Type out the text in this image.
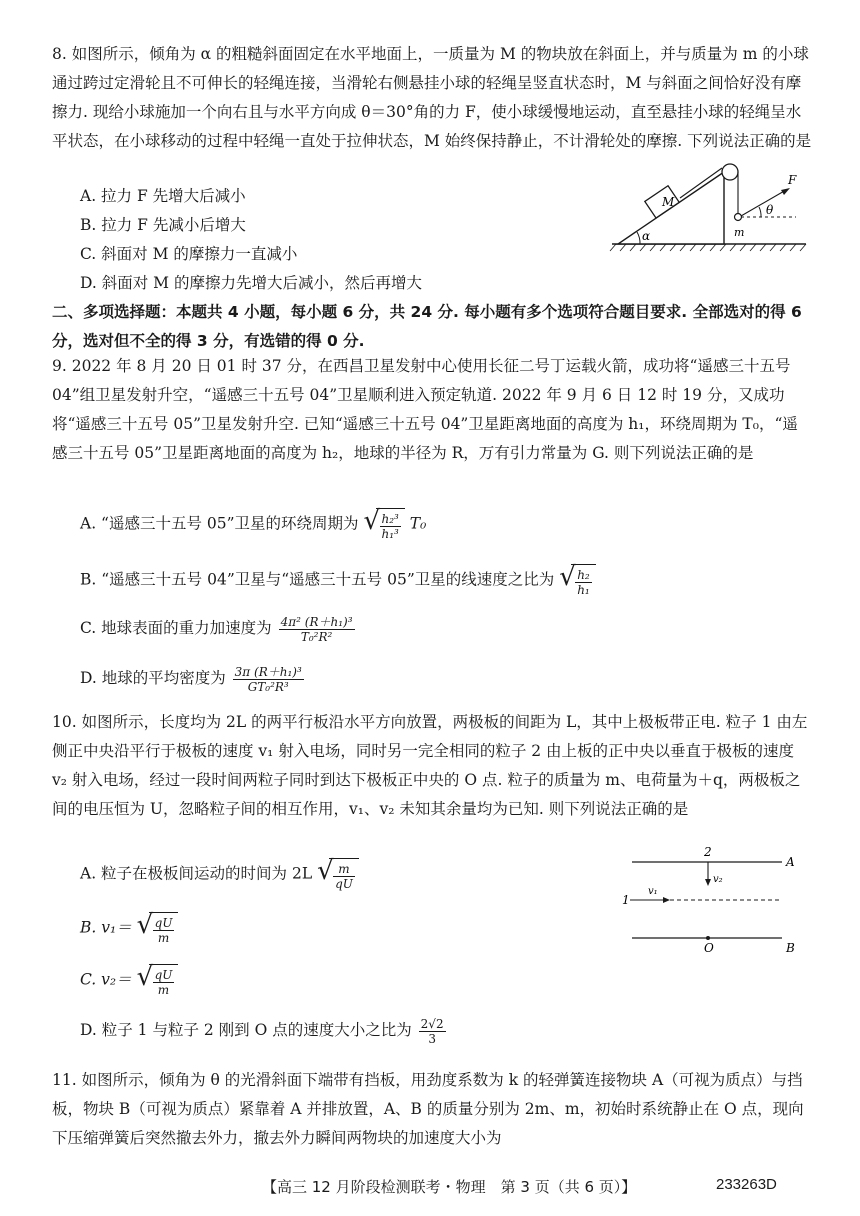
8. 如图所示，倾角为 α 的粗糙斜面固定在水平地面上，一质量为 M 的物块放在斜面上，并与质量为 m 的小球通过跨过定滑轮且不可伸长的轻绳连接，当滑轮右侧悬挂小球的轻绳呈竖直状态时，M 与斜面之间恰好没有摩擦力. 现给小球施加一个向右且与水平方向成 θ＝30°角的力 F，使小球缓慢地运动，直至悬挂小球的轻绳呈水平状态，在小球移动的过程中轻绳一直处于拉伸状态，M 始终保持静止，不计滑轮处的摩擦. 下列说法正确的是

A. 拉力 F 先增大后减小
B. 拉力 F 先减小后增大
C. 斜面对 M 的摩擦力一直减小
D. 斜面对 M 的摩擦力先增大后减小，然后再增大
α
M
m
F
θ

二、多项选择题：本题共 4 小题，每小题 6 分，共 24 分. 每小题有多个选项符合题目要求. 全部选对的得 6 分，选对但不全的得 3 分，有选错的得 0 分.

9. 2022 年 8 月 20 日 01 时 37 分，在西昌卫星发射中心使用长征二号丁运载火箭，成功将“遥感三十五号 04”组卫星发射升空，“遥感三十五号 04”卫星顺利进入预定轨道. 2022 年 9 月 6 日 12 时 19 分，又成功将“遥感三十五号 05”卫星发射升空. 已知“遥感三十五号 04”卫星距离地面的高度为 h₁，环绕周期为 T₀，“遥感三十五号 05”卫星距离地面的高度为 h₂，地球的半径为 R，万有引力常量为 G. 则下列说法正确的是

A. “遥感三十五号 05”卫星的环绕周期为 √ $\frac{\text{h₂³}}{\text{h₁³}} T_0$
B. “遥感三十五号 04”卫星与“遥感三十五号 05”卫星的线速度之比为 √ $\frac{\text{h₂}}{\text{h₁}}$
C. 地球表面的重力加速度为 $\frac{\text{4π² (R＋h₁)³}}{\text{T₀²R²}}$
D. 地球的平均密度为 $\frac{\text{3π (R＋h₁)³}}{\text{GT₀²R³}}$

10. 如图所示，长度均为 2L 的两平行板沿水平方向放置，两极板的间距为 L，其中上极板带正电. 粒子 1 由左侧正中央沿平行于极板的速度 v₁ 射入电场，同时另一完全相同的粒子 2 由上板的正中央以垂直于极板的速度 v₂ 射入电场，经过一段时间两粒子同时到达下极板正中央的 O 点. 粒子的质量为 m、电荷量为＋q，两极板之间的电压恒为 U，忽略粒子间的相互作用，v₁、v₂ 未知其余量均为已知. 则下列说法正确的是

A. 粒子在极板间运动的时间为 2L √ $\frac{m}{qU}$
B. v₁＝ √ $\frac{qU}{m}$
C. v₂＝ √ $\frac{qU}{m}$
D. 粒子 1 与粒子 2 刚到 O 点的速度大小之比为 $\frac{2√2}{3}$
A
2
v₂
1
v₁
O	B

11. 如图所示，倾角为 θ 的光滑斜面下端带有挡板，用劲度系数为 k 的轻弹簧连接物块 A（可视为质点）与挡板，物块 B（可视为质点）紧靠着 A 并排放置，A、B 的质量分别为 2m、m，初始时系统静止在 O 点，现向下压缩弹簧后突然撤去外力，撤去外力瞬间两物块的加速度大小为

【高三 12 月阶段检测联考・物理　第 3 页（共 6 页）】	233263D
